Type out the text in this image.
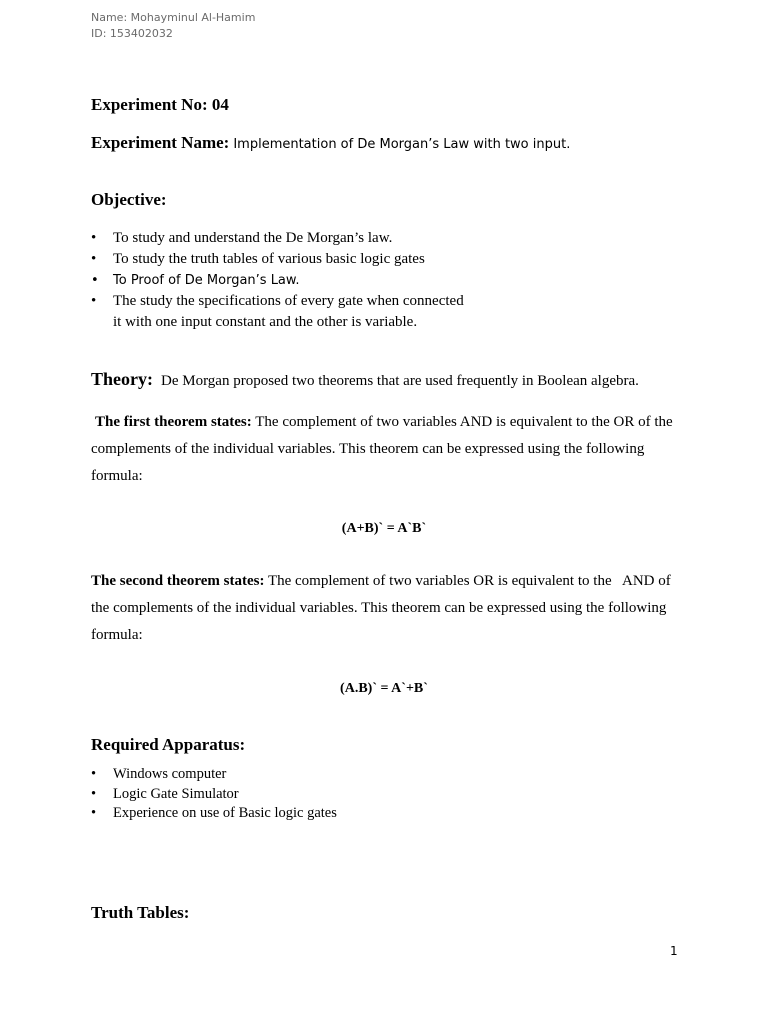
Name: Mohayminul Al-Hamim

ID: 153402032

Experiment No: 04

Experiment Name: Implementation of De Morgan’s Law with two input.

Objective:

• To study and understand the De Morgan’s law.
• To study the truth tables of various basic logic gates
• To Proof of De Morgan’s Law.
• The study the specifications of every gate when connected
it with one input constant and the other is variable.

Theory: De Morgan proposed two theorems that are used frequently in Boolean algebra.

The first theorem states: The complement of two variables AND is equivalent to the OR of the complements of the individual variables. This theorem can be expressed using the following formula:

(A+B)` = A`B`

The second theorem states: The complement of two variables OR is equivalent to the   AND of the complements of the individual variables. This theorem can be expressed using the following formula:

(A.B)` = A`+B`

Required Apparatus:

• Windows computer
• Logic Gate Simulator
• Experience on use of Basic logic gates

Truth Tables:

1
